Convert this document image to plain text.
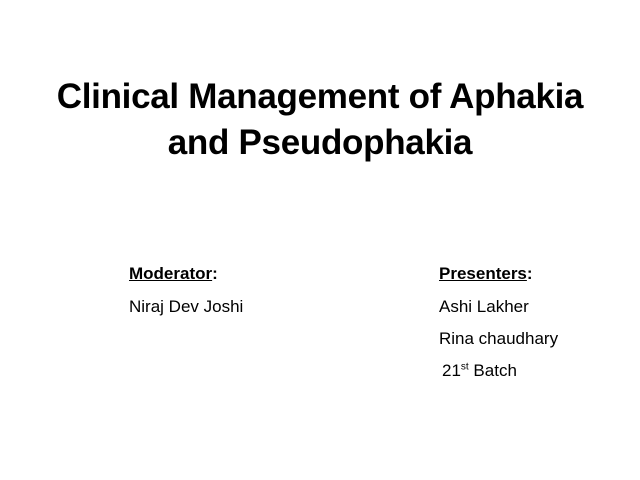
Clinical Management of Aphakia
and Pseudophakia
Moderator:
Niraj Dev Joshi
Presenters:
Ashi Lakher
Rina chaudhary
21st Batch
